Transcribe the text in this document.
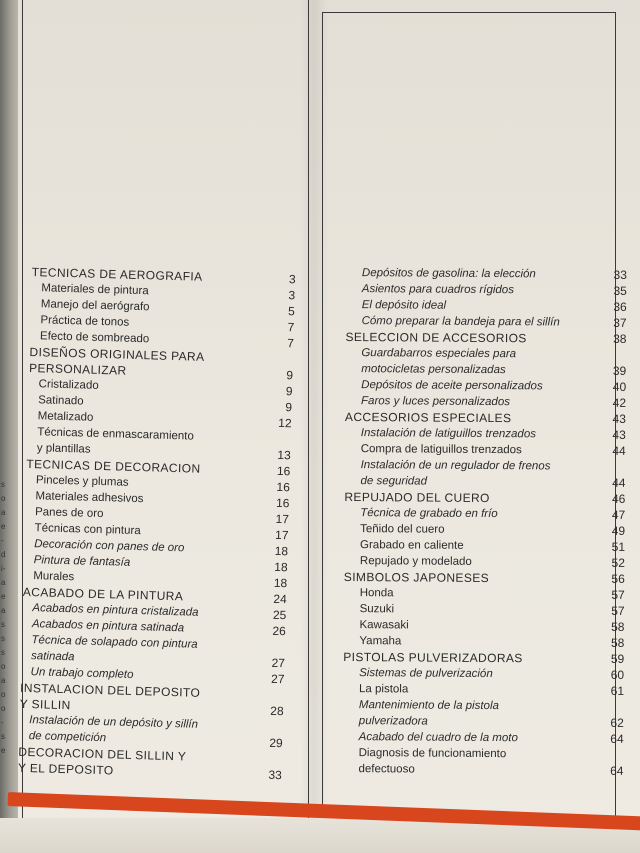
s
o
a
e
-
d
i-
a
e
a
s
s
s
o
a
o
o
-
s
e
TECNICAS DE AEROGRAFIA	3
Materiales de pintura	3
Manejo del aerógrafo	5
Práctica de tonos	7
Efecto de sombreado	7
DISEÑOS ORIGINALES PARA
PERSONALIZAR	9
Cristalizado	9
Satinado	9
Metalizado	12
Técnicas de enmascaramiento
y plantillas	13
TECNICAS DE DECORACION	16
Pinceles y plumas	16
Materiales adhesivos	16
Panes de oro	17
Técnicas con pintura	17
Decoración con panes de oro	18
Pintura de fantasía	18
Murales	18
ACABADO DE LA PINTURA	24
Acabados en pintura cristalizada	25
Acabados en pintura satinada	26
Técnica de solapado con pintura
satinada	27
Un trabajo completo	27
INSTALACION DEL DEPOSITO
Y SILLIN	28
Instalación de un depósito y sillín
de competición	29
DECORACION DEL SILLIN Y
Y EL DEPOSITO	33
Depósitos de gasolina: la elección	33
Asientos para cuadros rígidos	35
El depósito ideal	36
Cómo preparar la bandeja para el sillín	37
SELECCION DE ACCESORIOS	38
Guardabarros especiales para
motocicletas personalizadas	39
Depósitos de aceite personalizados	40
Faros y luces personalizados	42
ACCESORIOS ESPECIALES	43
Instalación de latiguillos trenzados	43
Compra de latiguillos trenzados	44
Instalación de un regulador de frenos
de seguridad	44
REPUJADO DEL CUERO	46
Técnica de grabado en frío	47
Teñido del cuero	49
Grabado en caliente	51
Repujado y modelado	52
SIMBOLOS JAPONESES	56
Honda	57
Suzuki	57
Kawasaki	58
Yamaha	58
PISTOLAS PULVERIZADORAS	59
Sistemas de pulverización	60
La pistola	61
Mantenimiento de la pistola
pulverizadora	62
Acabado del cuadro de la moto	64
Diagnosis de funcionamiento
defectuoso	64
